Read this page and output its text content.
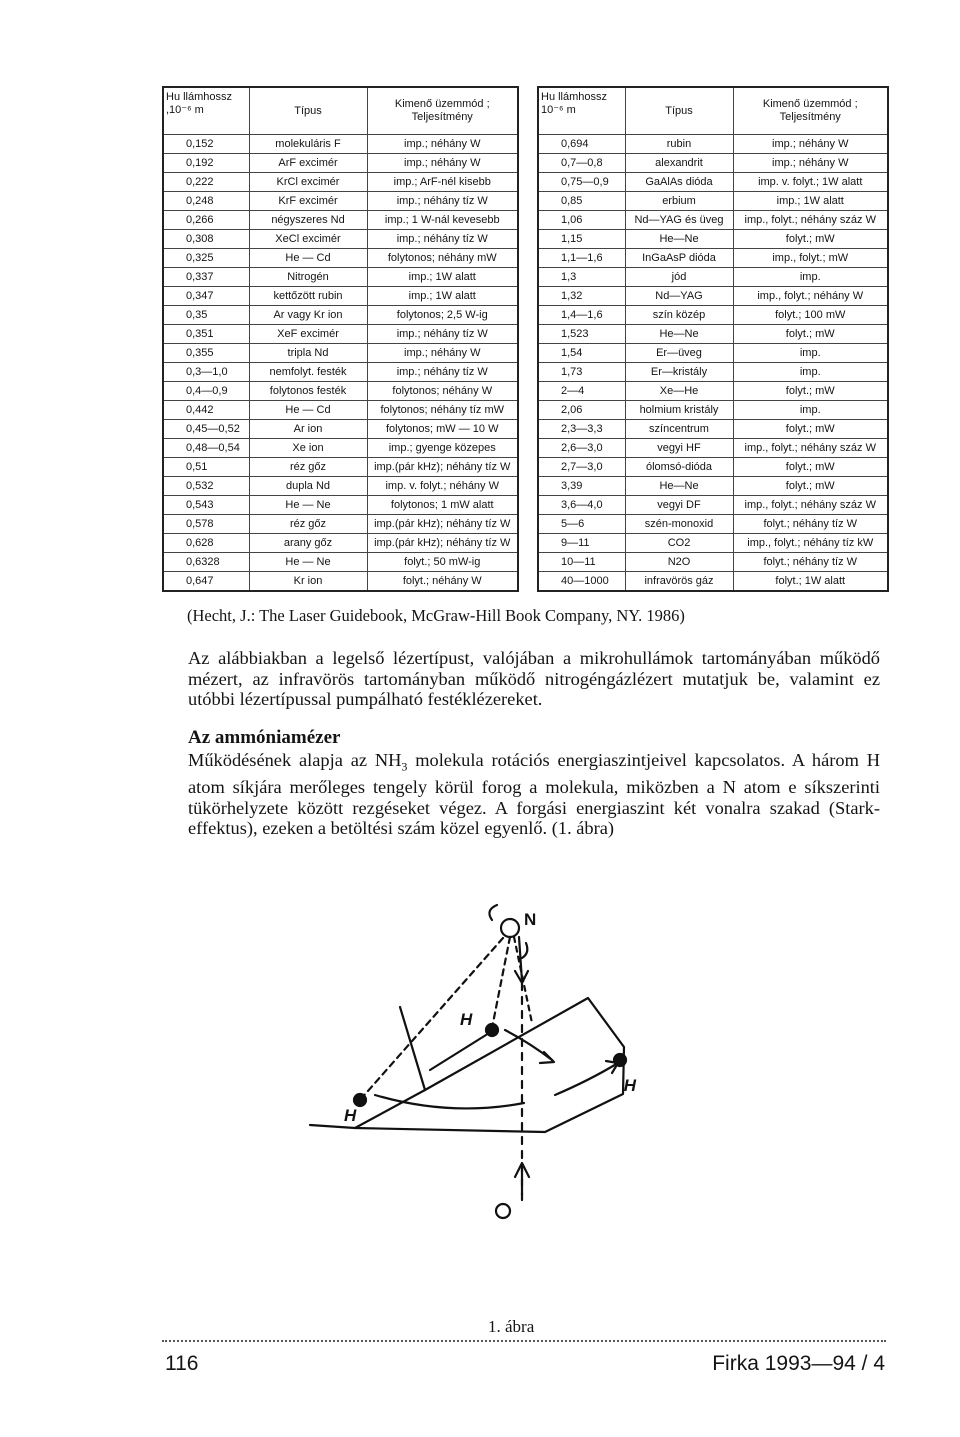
Hu llámhossz
,10⁻⁶ m	Típus	Kimenő üzemmód ; Teljesítmény
0,152	molekuláris F	imp.; néhány W
0,192	ArF excimér	imp.; néhány W
0,222	KrCl excimér	imp.; ArF-nél kisebb
0,248	KrF excimér	imp.; néhány tíz W
0,266	négyszeres Nd	imp.; 1 W-nál kevesebb
0,308	XeCl excimér	imp.; néhány tíz W
0,325	He — Cd	folytonos; néhány mW
0,337	Nitrogén	imp.; 1W alatt
0,347	kettőzött rubin	imp.; 1W alatt
0,35	Ar vagy Kr ion	folytonos; 2,5 W-ig
0,351	XeF excimér	imp.; néhány tíz W
0,355	tripla Nd	imp.; néhány W
0,3—1,0	nemfolyt. festék	imp.; néhány tíz W
0,4—0,9	folytonos festék	folytonos; néhány W
0,442	He — Cd	folytonos; néhány tíz mW
0,45—0,52	Ar ion	folytonos; mW — 10 W
0,48—0,54	Xe ion	imp.; gyenge közepes
0,51	réz gőz	imp.(pár kHz); néhány tíz W
0,532	dupla Nd	imp. v. folyt.; néhány W
0,543	He — Ne	folytonos; 1 mW alatt
0,578	réz gőz	imp.(pár kHz); néhány tíz W
0,628	arany gőz	imp.(pár kHz); néhány tíz W
0,6328	He — Ne	folyt.; 50 mW-ig
0,647	Kr ion	folyt.; néhány W
Hu llámhossz
10⁻⁶ m	Típus	Kimenő üzemmód ; Teljesítmény
0,694	rubin	imp.; néhány W
0,7—0,8	alexandrit	imp.; néhány W
0,75—0,9	GaAlAs dióda	imp. v. folyt.; 1W alatt
0,85	erbium	imp.; 1W alatt
1,06	Nd—YAG és üveg	imp., folyt.; néhány száz W
1,15	He—Ne	folyt.; mW
1,1—1,6	InGaAsP dióda	imp., folyt.; mW
1,3	jód	imp.
1,32	Nd—YAG	imp., folyt.; néhány W
1,4—1,6	szín közép	folyt.; 100 mW
1,523	He—Ne	folyt.; mW
1,54	Er—üveg	imp.
1,73	Er—kristály	imp.
2—4	Xe—He	folyt.; mW
2,06	holmium kristály	imp.
2,3—3,3	színcentrum	folyt.; mW
2,6—3,0	vegyi HF	imp., folyt.; néhány száz W
2,7—3,0	ólomsó-dióda	folyt.; mW
3,39	He—Ne	folyt.; mW
3,6—4,0	vegyi DF	imp., folyt.; néhány száz W
5—6	szén-monoxid	folyt.; néhány tíz W
9—11	CO2	imp., folyt.; néhány tíz kW
10—11	N2O	folyt.; néhány tíz W
40—1000	infravörös gáz	folyt.; 1W alatt

(Hecht, J.: The Laser Guidebook, McGraw-Hill Book Company, NY. 1986)

Az alábbiakban a legelső lézertípust, valójában a mikrohullámok tartományában működő mézert, az infravörös tartományban működő nitrogéngázlézert mutatjuk be, valamint ez utóbbi lézertípussal pumpálható festéklézereket.

Az ammóniamézer

Működésének alapja az $NH_3$ molekula rotációs energiaszintjeivel kapcsolatos. A három H atom síkjára merőleges tengely körül forog a molekula, miközben a N atom e síkszerinti tükörhelyzete között rezgéseket végez. A forgási energiaszint két vonalra szakad (Stark-effektus), ezeken a betöltési szám közel egyenlő. (1. ábra)

N
H
H
H
1. ábra
116	Firka 1993—94 / 4
